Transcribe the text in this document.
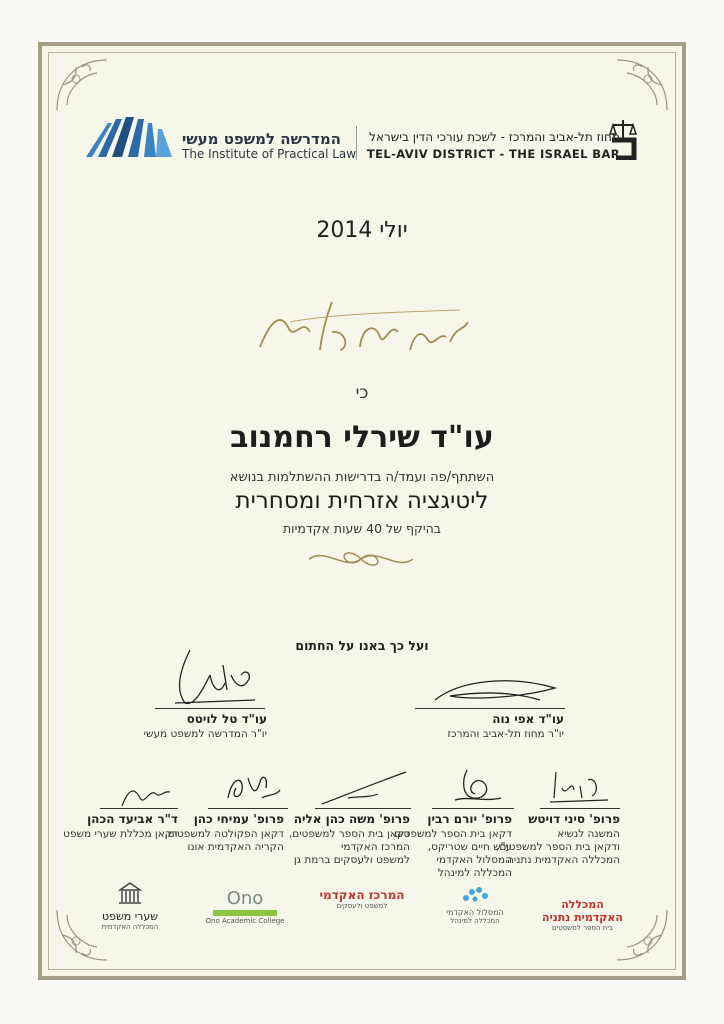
המדרשה למשפט מעשי
The Institute of Practical Law
מחוז תל-אביב והמרכז - לשכת עורכי הדין בישראל
TEL-AVIV DISTRICT - THE ISRAEL BAR
יולי 2014
כי
עו"ד שירלי רחמנוב
השתתף/פה ועמד/ה בדרישות ההשתלמות בנושא
ליטיגציה אזרחית ומסחרית
בהיקף של 40 שעות אקדמיות
ועל כך באנו על החתום
עו"ד אפי נוה
יו"ר מחוז תל-אביב והמרכז
עו"ד טל לויטס
יו"ר המדרשה למשפט מעשי
פרופ' סיני דויטש
המשנה לנשיא
ודקאן בית הספר למשפטים,
המכללה האקדמית נתניה
פרופ' יורם רבין
דקאן בית הספר למשפטים
ע"ש חיים שטריקס,
המסלול האקדמי
המכללה למינהל
פרופ' משה כהן אליה
דקאן בית הספר למשפטים,
המרכז האקדמי
למשפט ולעסקים ברמת גן
פרופ' עמיחי כהן
דקאן הפקולטה למשפטים,
הקריה האקדמית אונו
ד"ר אביעד הכהן
דקאן מכללת שערי משפט
המכללה האקדמית נתניה
בית הספר למשפטים
המסלול האקדמי
המכללה למינהל
המרכז האקדמי
למשפט ולעסקים
Ono
Ono Academic College
שערי משפט
המכללה האקדמית
